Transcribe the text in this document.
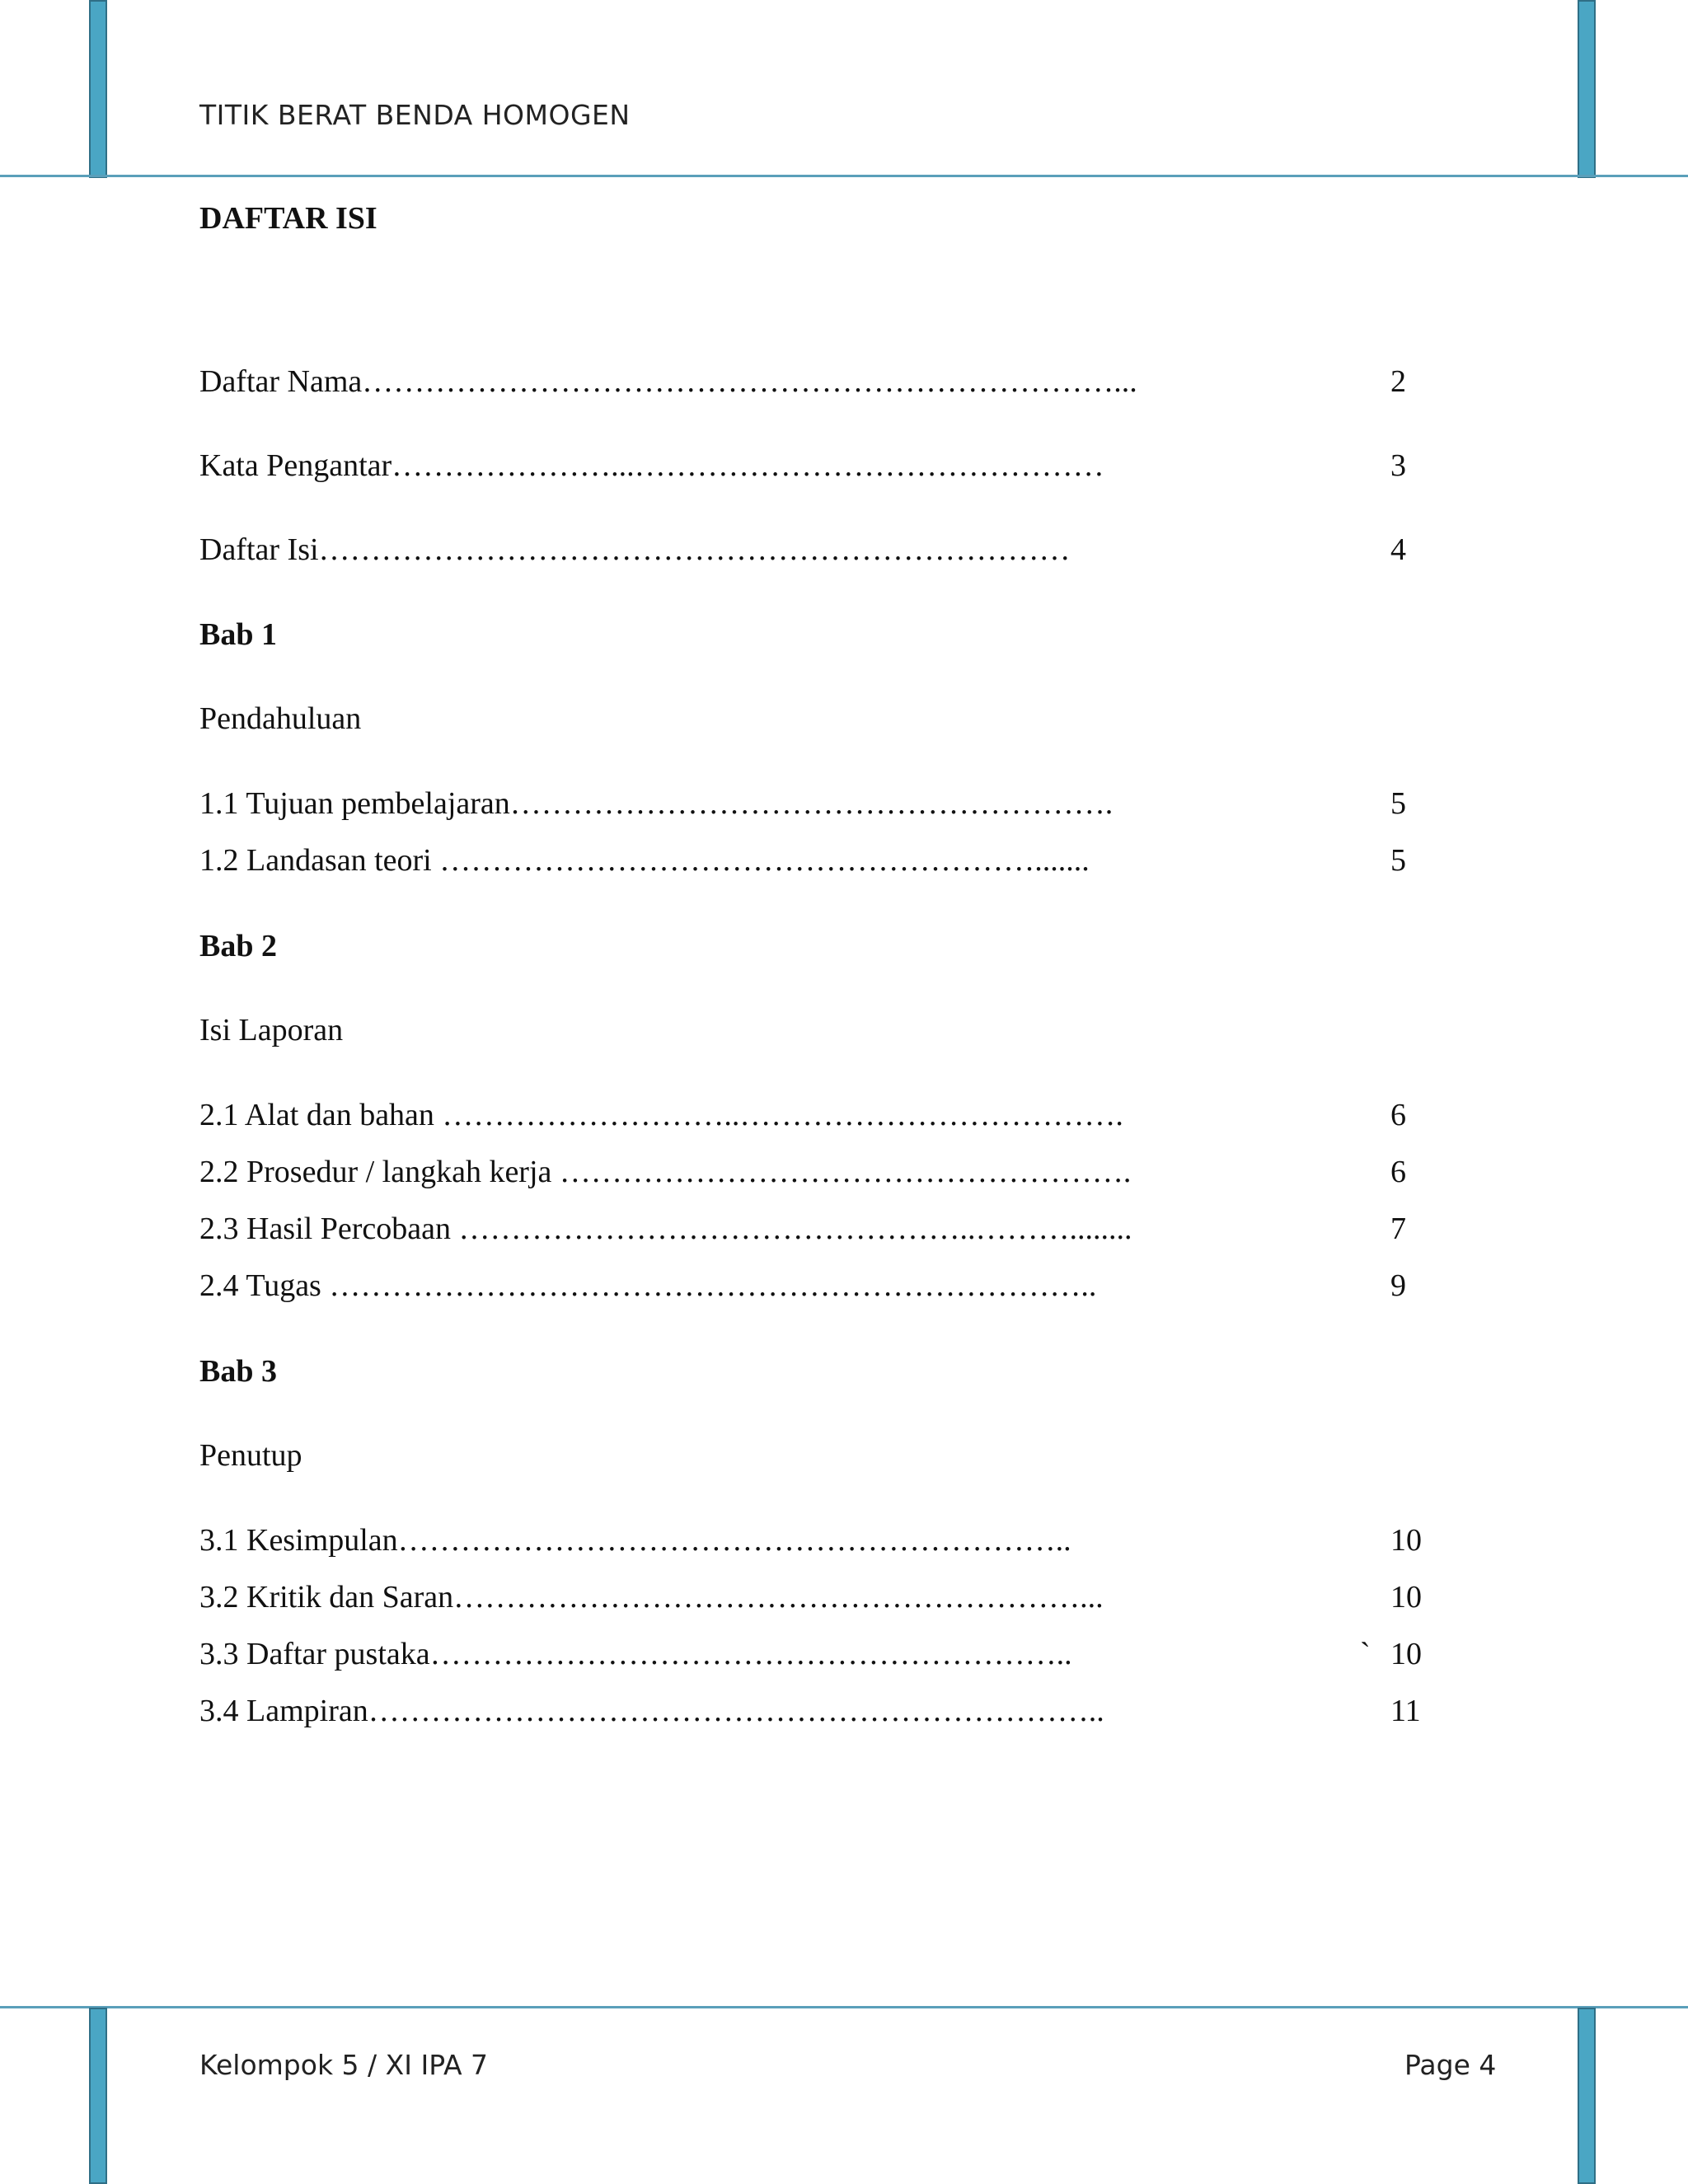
TITIK BERAT BENDA HOMOGEN
DAFTAR ISI
Daftar Nama………………………………………………………………...	2
Kata Pengantar…………………...………………………………………	3
Daftar Isi………………………………………………………………	4
Bab 1
Pendahuluan
1.1 Tujuan pembelajaran………………………………………………….	5
1.2 Landasan teori ………………………………………………….......	5
Bab 2
Isi Laporan
2.1 Alat dan bahan ………………………..……………………………….	6
2.2 Prosedur / langkah kerja ……………………………………………….	6
2.3 Hasil Percobaan …………………………………………..………........	7
2.4 Tugas ………………………………………………………………..	9
Bab 3
Penutup
3.1 Kesimpulan………………………………………………………..	10
3.2 Kritik dan Saran……………………………………………………...	10
3.3 Daftar pustaka……………………………………………………..	` 10
3.4 Lampiran……………………………………………………………..	11
Kelompok 5 / XI IPA 7	Page 4
